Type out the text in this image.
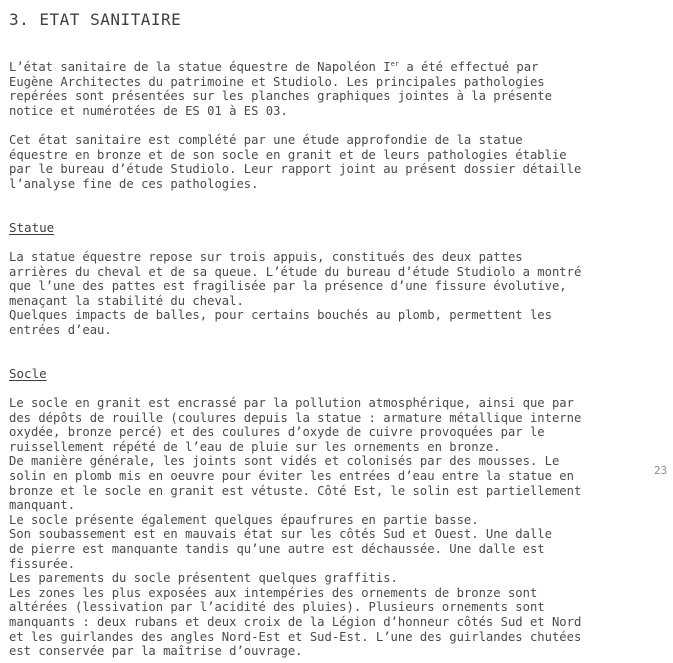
3. ETAT SANITAIRE
L’état sanitaire de la statue équestre de Napoléon Ier a été effectué par
Eugène Architectes du patrimoine et Studiolo. Les principales pathologies
repérées sont présentées sur les planches graphiques jointes à la présente
notice et numérotées de ES 01 à ES 03.
Cet état sanitaire est complété par une étude approfondie de la statue
équestre en bronze et de son socle en granit et de leurs pathologies établie
par le bureau d’étude Studiolo. Leur rapport joint au présent dossier détaille
l’analyse fine de ces pathologies.
Statue
La statue équestre repose sur trois appuis, constitués des deux pattes
arrières du cheval et de sa queue. L’étude du bureau d’étude Studiolo a montré
que l’une des pattes est fragilisée par la présence d’une fissure évolutive,
menaçant la stabilité du cheval.
Quelques impacts de balles, pour certains bouchés au plomb, permettent les
entrées d’eau.
Socle
Le socle en granit est encrassé par la pollution atmosphérique, ainsi que par
des dépôts de rouille (coulures depuis la statue : armature métallique interne
oxydée, bronze percé) et des coulures d’oxyde de cuivre provoquées par le
ruissellement répété de l’eau de pluie sur les ornements en bronze.
De manière générale, les joints sont vidés et colonisés par des mousses. Le
solin en plomb mis en oeuvre pour éviter les entrées d’eau entre la statue en
bronze et le socle en granit est vétuste. Côté Est, le solin est partiellement
manquant.
Le socle présente également quelques épaufrures en partie basse.
Son soubassement est en mauvais état sur les côtés Sud et Ouest. Une dalle
de pierre est manquante tandis qu’une autre est déchaussée. Une dalle est
fissurée.
Les parements du socle présentent quelques graffitis.
Les zones les plus exposées aux intempéries des ornements de bronze sont
altérées (lessivation par l’acidité des pluies). Plusieurs ornements sont
manquants : deux rubans et deux croix de la Légion d’honneur côtés Sud et Nord
et les guirlandes des angles Nord-Est et Sud-Est. L’une des guirlandes chutées
est conservée par la maîtrise d’ouvrage.
23
